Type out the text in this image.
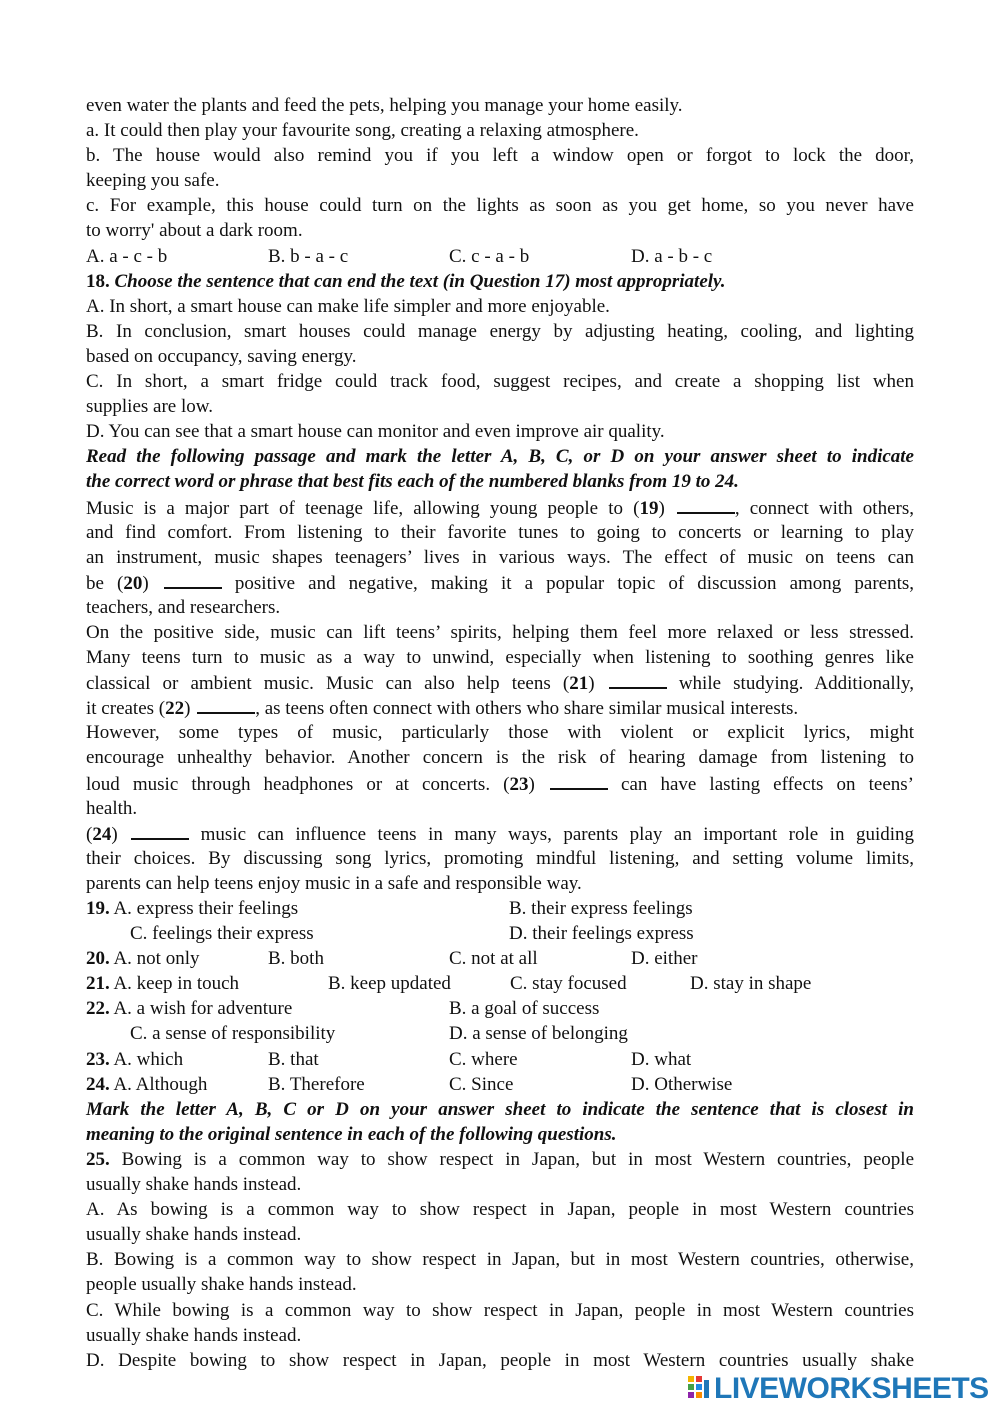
even water the plants and feed the pets, helping you manage your home easily.
a. It could then play your favourite song, creating a relaxing atmosphere.
b. The house would also remind you if you left a window open or forgot to lock the door,
keeping you safe.
c. For example, this house could turn on the lights as soon as you get home, so you never have
to worry' about a dark room.
A. a - c - b	B. b - a - c	C. c - a - b	D. a - b - c
18. Choose the sentence that can end the text (in Question 17) most appropriately.
A. In short, a smart house can make life simpler and more enjoyable.
B. In conclusion, smart houses could manage energy by adjusting heating, cooling, and lighting
based on occupancy, saving energy.
C. In short, a smart fridge could track food, suggest recipes, and create a shopping list when
supplies are low.
D. You can see that a smart house can monitor and even improve air quality.
Read the following passage and mark the letter A, B, C, or D on your answer sheet to indicate
the correct word or phrase that best fits each of the numbered blanks from 19 to 24.
Music is a major part of teenage life, allowing young people to (19)	, connect with others,
and find comfort. From listening to their favorite tunes to going to concerts or learning to play
an instrument, music shapes teenagers’ lives in various ways. The effect of music on teens can
be (20)	positive and negative, making it a popular topic of discussion among parents,
teachers, and researchers.
On the positive side, music can lift teens’ spirits, helping them feel more relaxed or less stressed.
Many teens turn to music as a way to unwind, especially when listening to soothing genres like
classical or ambient music. Music can also help teens (21)	while studying. Additionally,
it creates (22)	, as teens often connect with others who share similar musical interests.
However, some types of music, particularly those with violent or explicit lyrics, might
encourage unhealthy behavior. Another concern is the risk of hearing damage from listening to
loud music through headphones or at concerts. (23)	can have lasting effects on teens’
health.
(24)	music can influence teens in many ways, parents play an important role in guiding
their choices. By discussing song lyrics, promoting mindful listening, and setting volume limits,
parents can help teens enjoy music in a safe and responsible way.
19. A. express their feelings	B. their express feelings
C. feelings their express	D. their feelings express
20. A. not only	B. both	C. not at all	D. either
21. A. keep in touch	B. keep updated	C. stay focused	D. stay in shape
22. A. a wish for adventure	B. a goal of success
C. a sense of responsibility	D. a sense of belonging
23. A. which	B. that	C. where	D. what
24. A. Although	B. Therefore	C. Since	D. Otherwise
Mark the letter A, B, C or D on your answer sheet to indicate the sentence that is closest in
meaning to the original sentence in each of the following questions.
25. Bowing is a common way to show respect in Japan, but in most Western countries, people
usually shake hands instead.
A. As bowing is a common way to show respect in Japan, people in most Western countries
usually shake hands instead.
B. Bowing is a common way to show respect in Japan, but in most Western countries, otherwise,
people usually shake hands instead.
C. While bowing is a common way to show respect in Japan, people in most Western countries
usually shake hands instead.
D. Despite bowing to show respect in Japan, people in most Western countries usually shake
LIVEWORKSHEETS
